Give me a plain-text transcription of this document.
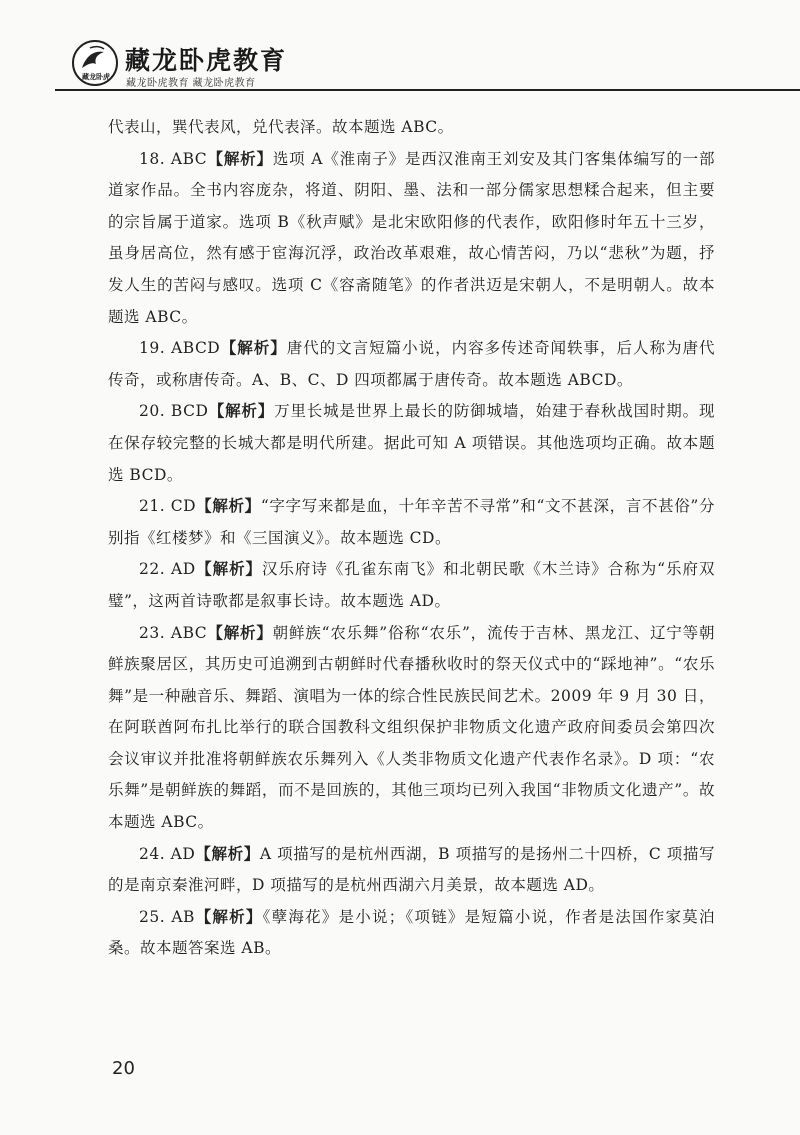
藏龙卧虎
藏龙卧虎教育
藏龙卧虎教育 藏龙卧虎教育

代表山，巽代表风，兑代表泽。故本题选 ABC。

18. ABC【解析】选项 A《淮南子》是西汉淮南王刘安及其门客集体编写的一部道家作品。全书内容庞杂，将道、阴阳、墨、法和一部分儒家思想糅合起来，但主要的宗旨属于道家。选项 B《秋声赋》是北宋欧阳修的代表作，欧阳修时年五十三岁，虽身居高位，然有感于宦海沉浮，政治改革艰难，故心情苦闷，乃以“悲秋”为题，抒发人生的苦闷与感叹。选项 C《容斋随笔》的作者洪迈是宋朝人，不是明朝人。故本题选 ABC。

19. ABCD【解析】唐代的文言短篇小说，内容多传述奇闻轶事，后人称为唐代传奇，或称唐传奇。A、B、C、D 四项都属于唐传奇。故本题选 ABCD。

20. BCD【解析】万里长城是世界上最长的防御城墙，始建于春秋战国时期。现在保存较完整的长城大都是明代所建。据此可知 A 项错误。其他选项均正确。故本题选 BCD。

21. CD【解析】“字字写来都是血，十年辛苦不寻常”和“文不甚深，言不甚俗”分别指《红楼梦》和《三国演义》。故本题选 CD。

22. AD【解析】汉乐府诗《孔雀东南飞》和北朝民歌《木兰诗》合称为“乐府双璧”，这两首诗歌都是叙事长诗。故本题选 AD。

23. ABC【解析】朝鲜族“农乐舞”俗称“农乐”，流传于吉林、黑龙江、辽宁等朝鲜族聚居区，其历史可追溯到古朝鲜时代春播秋收时的祭天仪式中的“踩地神”。“农乐舞”是一种融音乐、舞蹈、演唱为一体的综合性民族民间艺术。2009 年 9 月 30 日，在阿联酋阿布扎比举行的联合国教科文组织保护非物质文化遗产政府间委员会第四次会议审议并批准将朝鲜族农乐舞列入《人类非物质文化遗产代表作名录》。D 项：“农乐舞”是朝鲜族的舞蹈，而不是回族的，其他三项均已列入我国“非物质文化遗产”。故本题选 ABC。

24. AD【解析】A 项描写的是杭州西湖，B 项描写的是扬州二十四桥，C 项描写的是南京秦淮河畔，D 项描写的是杭州西湖六月美景，故本题选 AD。

25. AB【解析】《孽海花》是小说；《项链》是短篇小说，作者是法国作家莫泊桑。故本题答案选 AB。

20
